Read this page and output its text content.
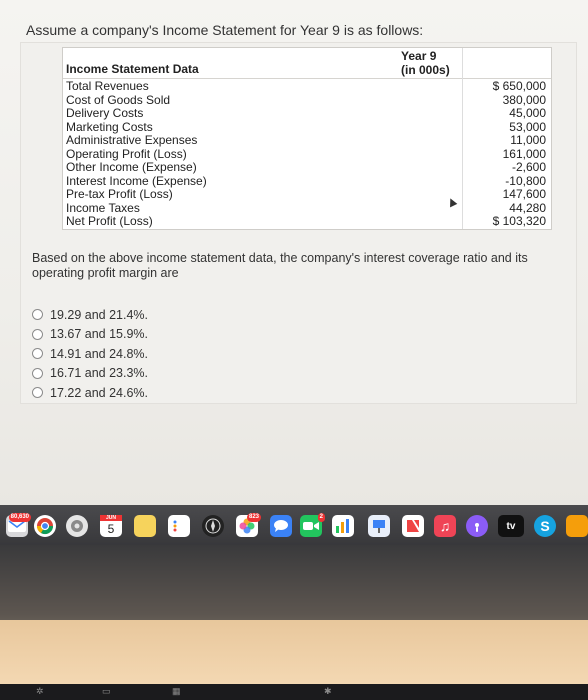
Assume a company's Income Statement for Year 9 is as follows:
Income Statement Data
Year 9
(in 000s)
Total Revenues	$ 650,000
Cost of Goods Sold	380,000
Delivery Costs	45,000
Marketing Costs	53,000
Administrative Expenses	11,000
Operating Profit (Loss)	161,000
Other Income (Expense)	-2,600
Interest Income (Expense)	-10,800
Pre-tax Profit (Loss)	147,600
Income Taxes	44,280
Net Profit (Loss)	$ 103,320
Based on the above income statement data, the company's interest coverage ratio and its operating profit margin are
19.29 and 21.4%.
13.67 and 15.9%.
14.91 and 24.8%.
16.71 and 23.3%.
17.22 and 24.6%.
80,630	JUN
5
823	2
♫	tv	S
✲	▭	▦	✱
